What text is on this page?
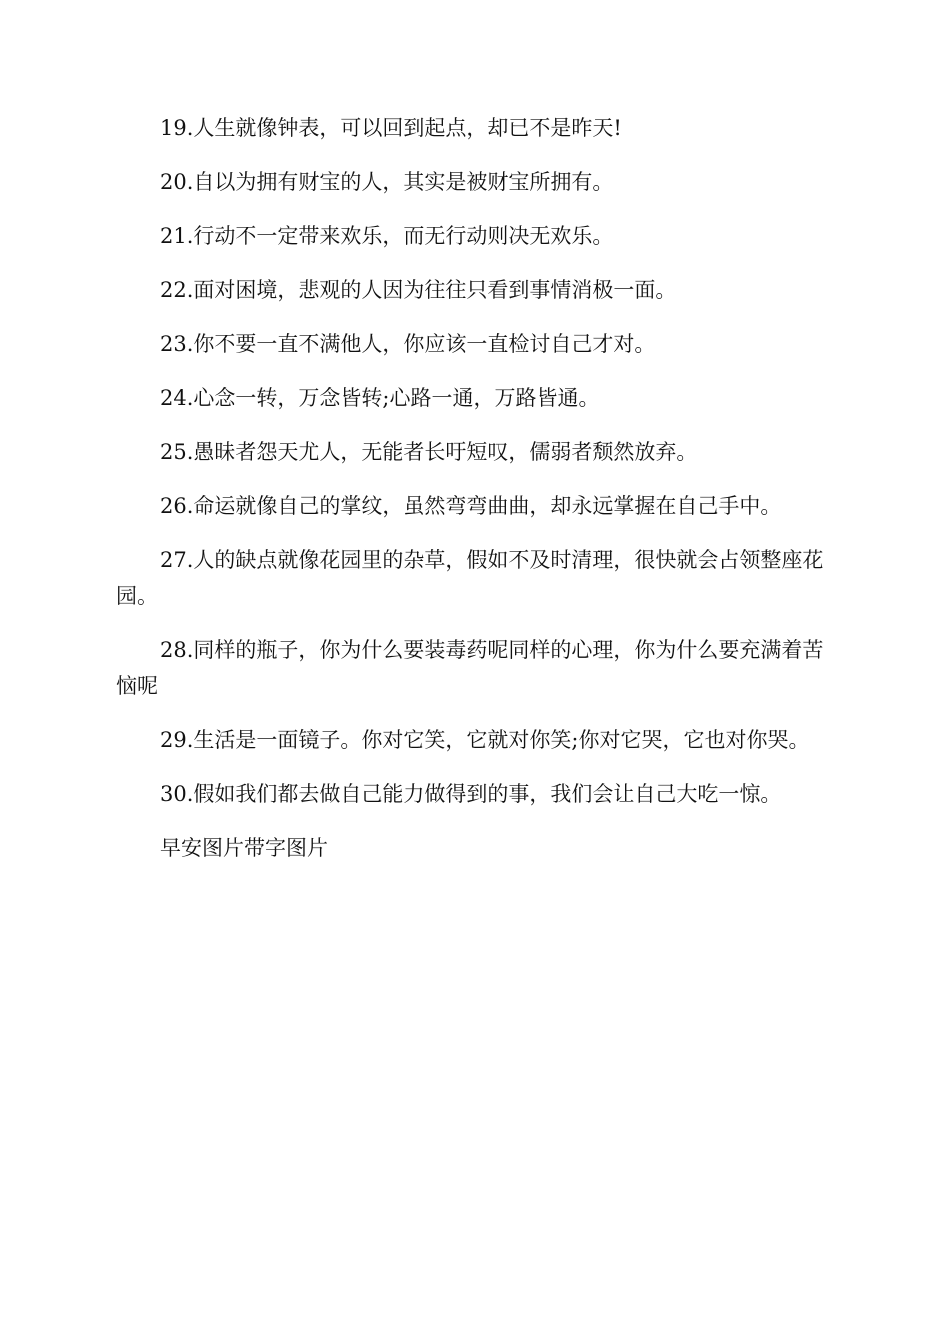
19.人生就像钟表，可以回到起点，却已不是昨天!

20.自以为拥有财宝的人，其实是被财宝所拥有。

21.行动不一定带来欢乐，而无行动则决无欢乐。

22.面对困境，悲观的人因为往往只看到事情消极一面。

23.你不要一直不满他人，你应该一直检讨自己才对。

24.心念一转，万念皆转;心路一通，万路皆通。

25.愚昧者怨天尤人，无能者长吁短叹，儒弱者颓然放弃。

26.命运就像自己的掌纹，虽然弯弯曲曲，却永远掌握在自己手中。

27.人的缺点就像花园里的杂草，假如不及时清理，很快就会占领整座花园。

28.同样的瓶子，你为什么要装毒药呢同样的心理，你为什么要充满着苦恼呢

29.生活是一面镜子。你对它笑，它就对你笑;你对它哭，它也对你哭。

30.假如我们都去做自己能力做得到的事，我们会让自己大吃一惊。

早安图片带字图片
